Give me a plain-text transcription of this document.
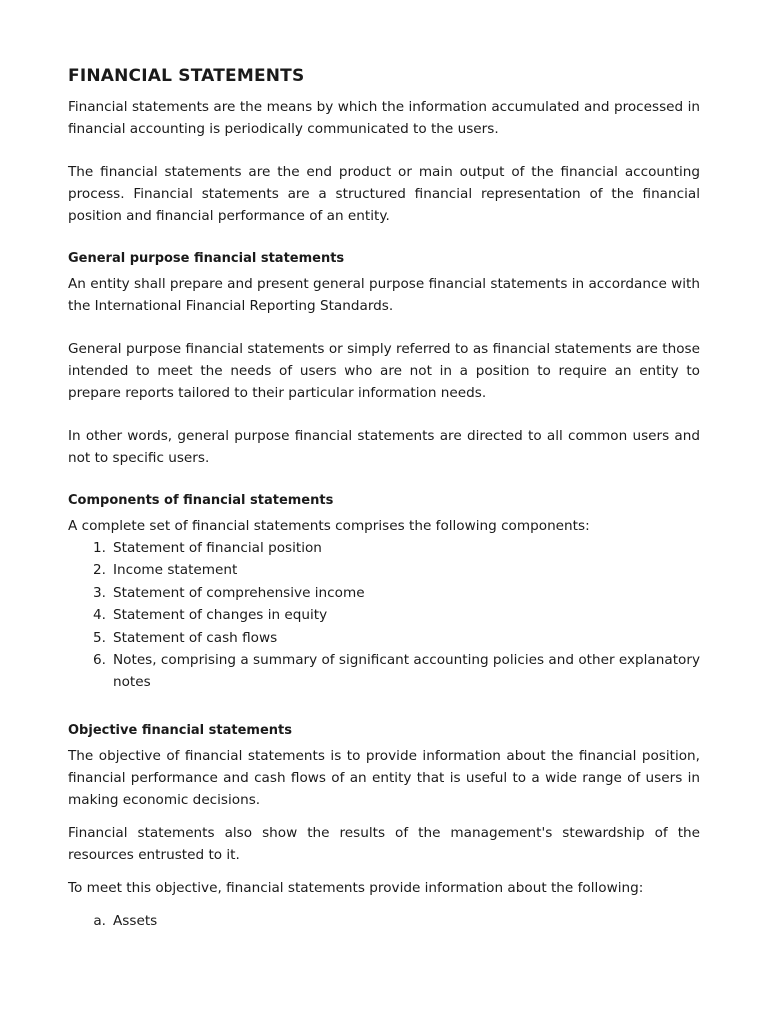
FINANCIAL STATEMENTS

Financial statements are the means by which the information accumulated and processed in financial accounting is periodically communicated to the users.

The financial statements are the end product or main output of the financial accounting process. Financial statements are a structured financial representation of the financial position and financial performance of an entity.

General purpose financial statements

An entity shall prepare and present general purpose financial statements in accordance with the International Financial Reporting Standards.

General purpose financial statements or simply referred to as financial statements are those intended to meet the needs of users who are not in a position to require an entity to prepare reports tailored to their particular information needs.

In other words, general purpose financial statements are directed to all common users and not to specific users.

Components of financial statements

A complete set of financial statements comprises the following components:

1. Statement of financial position
2. Income statement
3. Statement of comprehensive income
4. Statement of changes in equity
5. Statement of cash flows
6. Notes, comprising a summary of significant accounting policies and other explanatory notes
Objective financial statements

The objective of financial statements is to provide information about the financial position, financial performance and cash flows of an entity that is useful to a wide range of users in making economic decisions.

Financial statements also show the results of the management's stewardship of the resources entrusted to it.

To meet this objective, financial statements provide information about the following:

a. Assets
